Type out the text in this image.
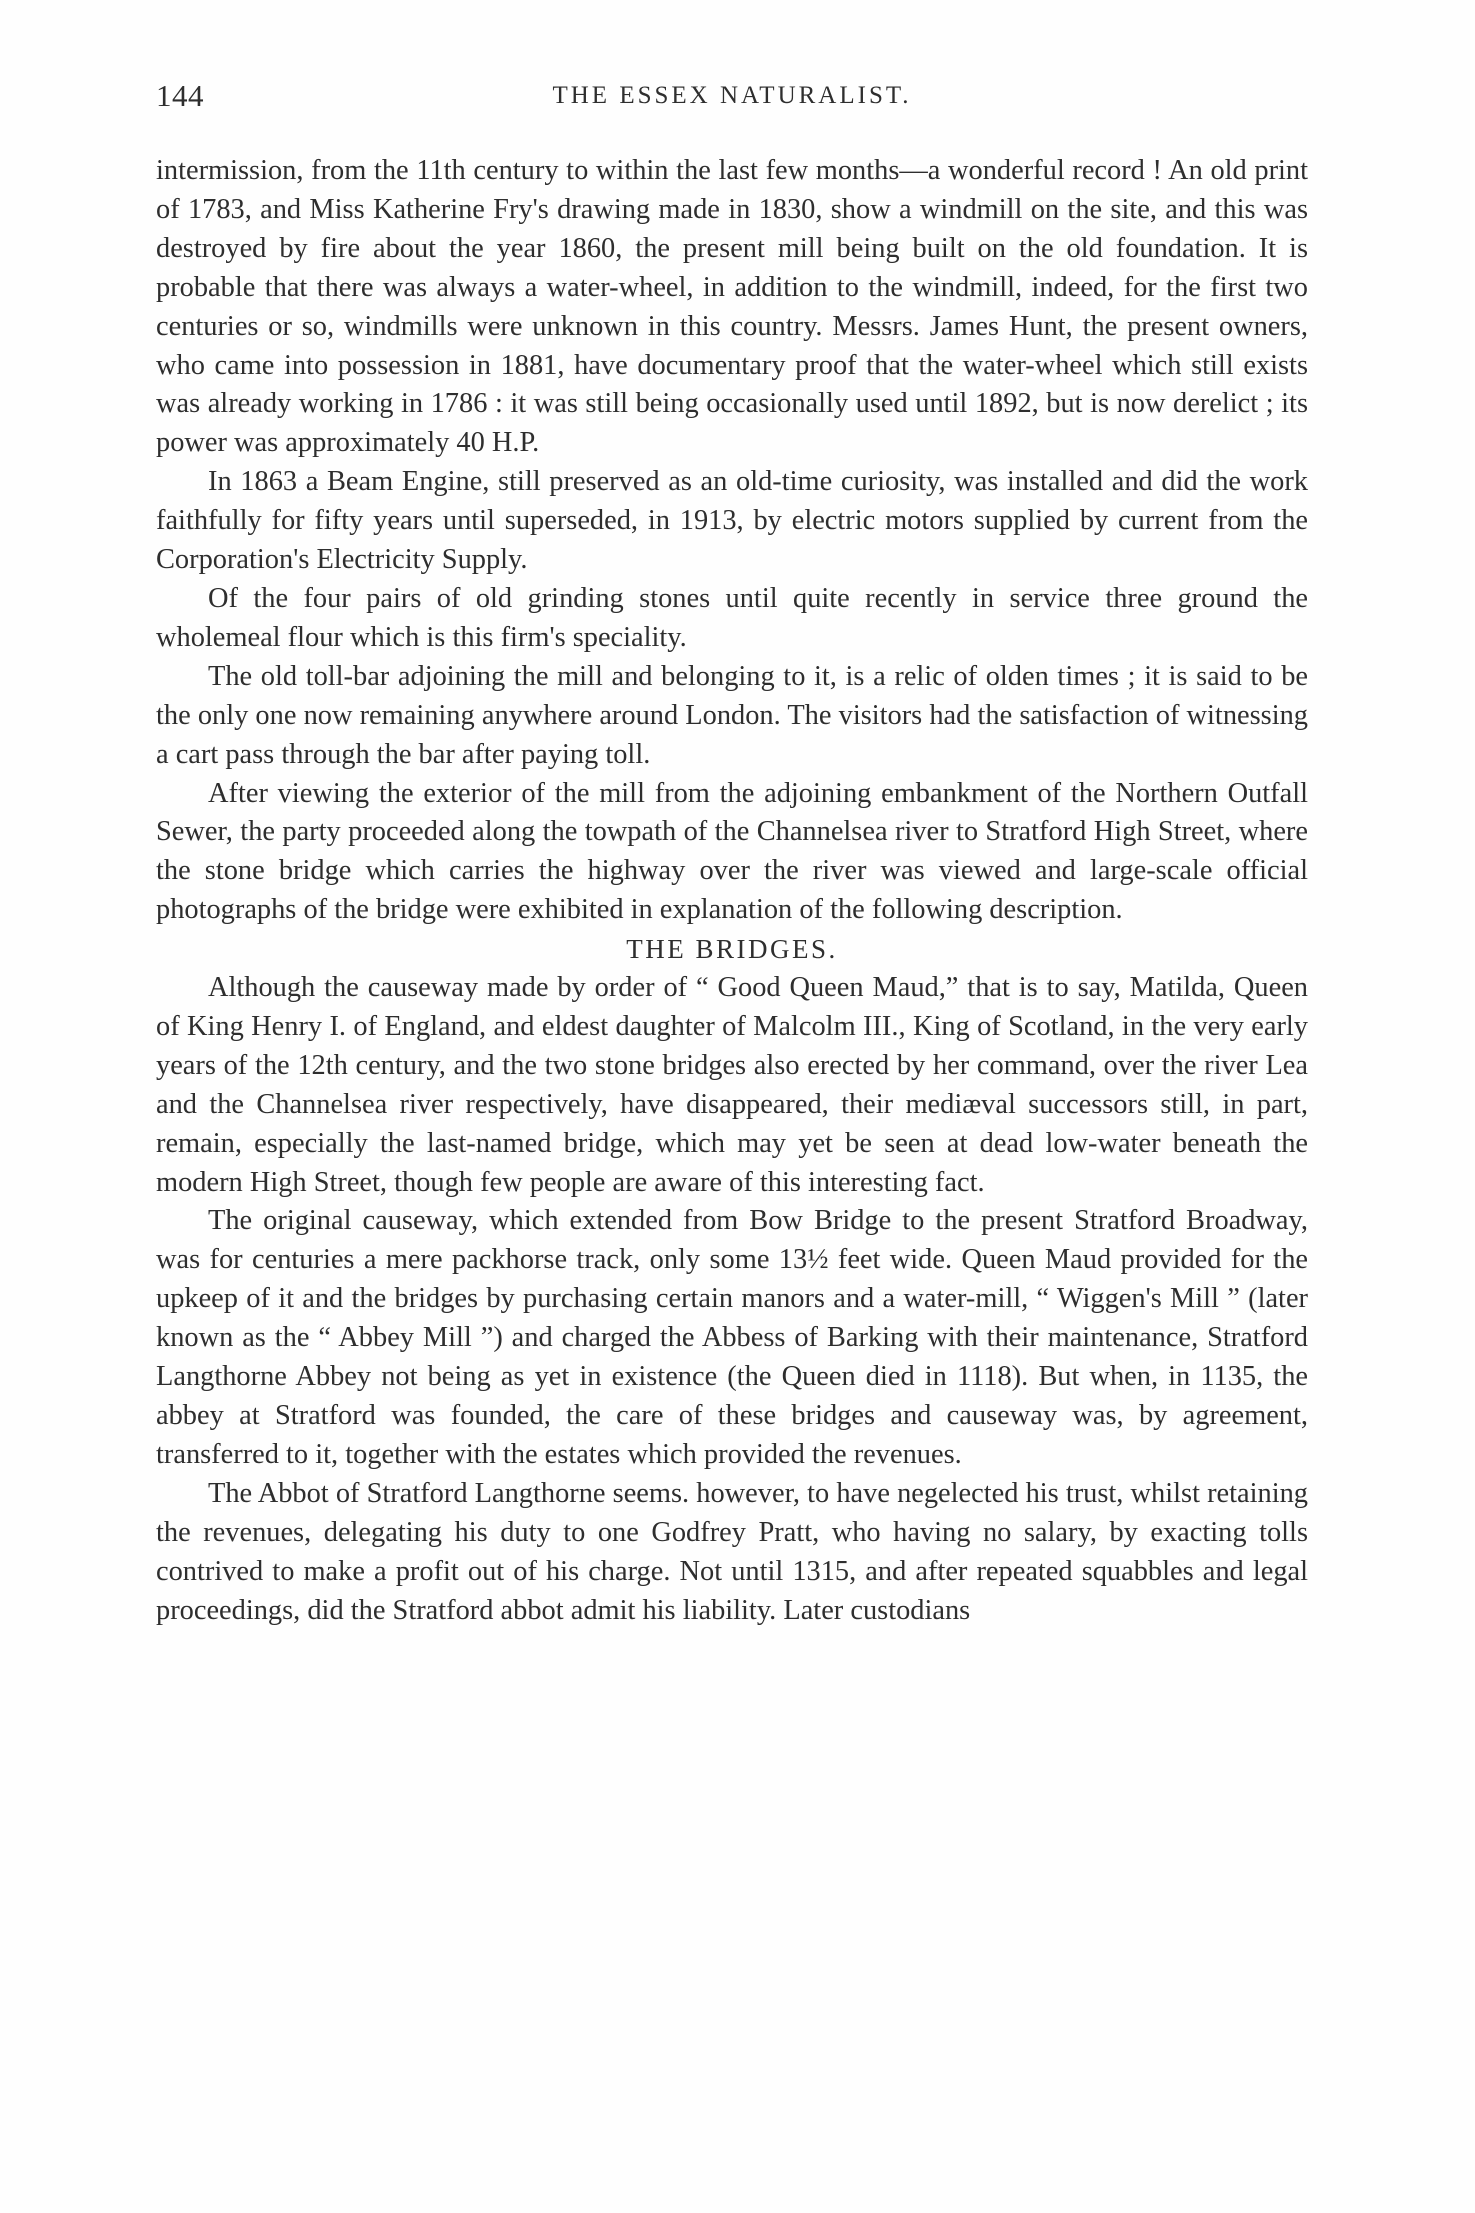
144	THE ESSEX NATURALIST.

intermission, from the 11th century to within the last few months—a wonderful record ! An old print of 1783, and Miss Katherine Fry's drawing made in 1830, show a windmill on the site, and this was destroyed by fire about the year 1860, the present mill being built on the old foundation. It is probable that there was always a water-wheel, in addition to the windmill, indeed, for the first two centuries or so, windmills were unknown in this country. Messrs. James Hunt, the present owners, who came into possession in 1881, have documentary proof that the water-wheel which still exists was already working in 1786 : it was still being occasionally used until 1892, but is now derelict ; its power was approximately 40 H.P.

In 1863 a Beam Engine, still preserved as an old-time curiosity, was installed and did the work faithfully for fifty years until superseded, in 1913, by electric motors supplied by current from the Corporation's Electricity Supply.

Of the four pairs of old grinding stones until quite recently in service three ground the wholemeal flour which is this firm's speciality.

The old toll-bar adjoining the mill and belonging to it, is a relic of olden times ; it is said to be the only one now remaining anywhere around London. The visitors had the satisfaction of witnessing a cart pass through the bar after paying toll.

After viewing the exterior of the mill from the adjoining embankment of the Northern Outfall Sewer, the party proceeded along the towpath of the Channelsea river to Stratford High Street, where the stone bridge which carries the highway over the river was viewed and large-scale official photographs of the bridge were exhibited in explanation of the following description.

THE BRIDGES.

Although the causeway made by order of “ Good Queen Maud,” that is to say, Matilda, Queen of King Henry I. of England, and eldest daughter of Malcolm III., King of Scotland, in the very early years of the 12th century, and the two stone bridges also erected by her command, over the river Lea and the Channelsea river respectively, have disappeared, their mediæval successors still, in part, remain, especially the last-named bridge, which may yet be seen at dead low-water beneath the modern High Street, though few people are aware of this interesting fact.

The original causeway, which extended from Bow Bridge to the present Stratford Broadway, was for centuries a mere packhorse track, only some 13½ feet wide. Queen Maud provided for the upkeep of it and the bridges by purchasing certain manors and a water-mill, “ Wiggen's Mill ” (later known as the “ Abbey Mill ”) and charged the Abbess of Barking with their maintenance, Stratford Langthorne Abbey not being as yet in existence (the Queen died in 1118). But when, in 1135, the abbey at Stratford was founded, the care of these bridges and causeway was, by agreement, transferred to it, together with the estates which provided the revenues.

The Abbot of Stratford Langthorne seems. however, to have negelected his trust, whilst retaining the revenues, delegating his duty to one Godfrey Pratt, who having no salary, by exacting tolls contrived to make a profit out of his charge. Not until 1315, and after repeated squabbles and legal proceedings, did the Stratford abbot admit his liability. Later custodians
